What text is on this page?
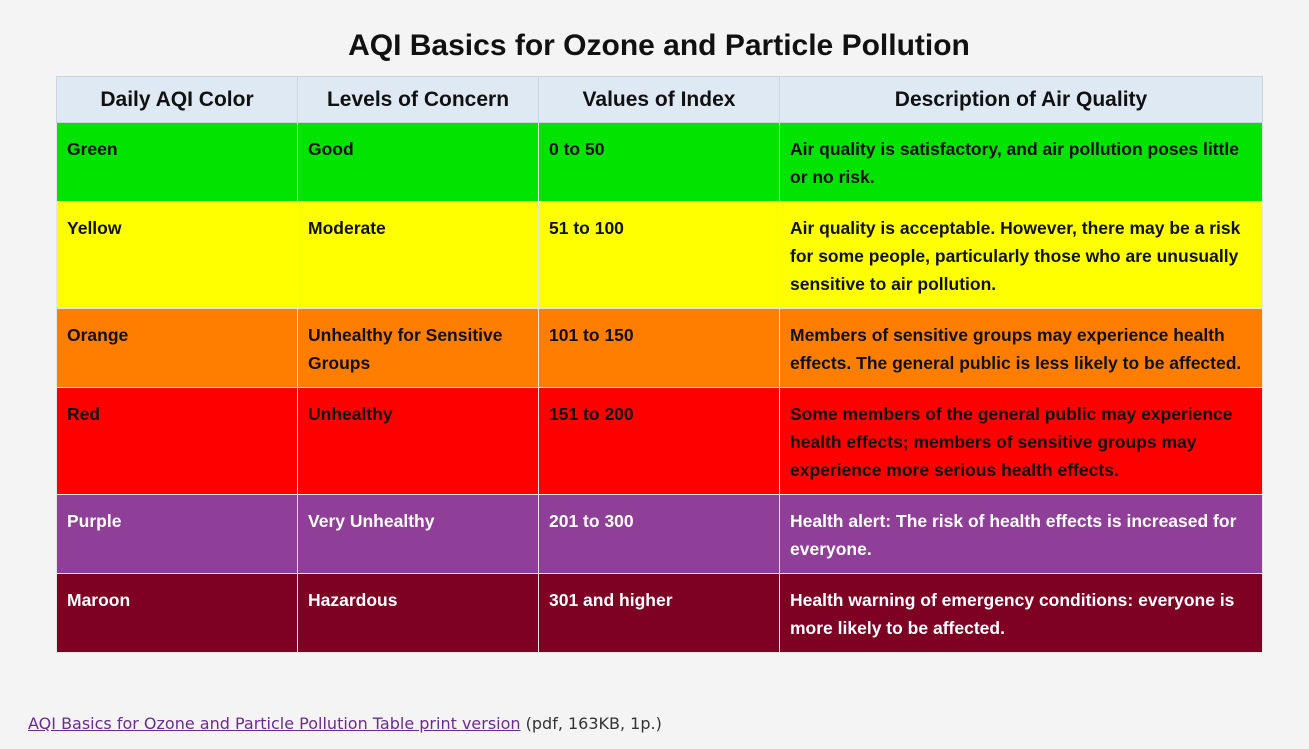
AQI Basics for Ozone and Particle Pollution
Daily AQI Color	Levels of Concern	Values of Index	Description of Air Quality
Green	Good	0 to 50	Air quality is satisfactory, and air pollution poses little or no risk.
Yellow	Moderate	51 to 100	Air quality is acceptable. However, there may be a risk for some people, particularly those who are unusually sensitive to air pollution.
Orange	Unhealthy for Sensitive Groups	101 to 150	Members of sensitive groups may experience health effects. The general public is less likely to be affected.
Red	Unhealthy	151 to 200	Some members of the general public may experience health effects; members of sensitive groups may experience more serious health effects.
Purple	Very Unhealthy	201 to 300	Health alert: The risk of health effects is increased for everyone.
Maroon	Hazardous	301 and higher	Health warning of emergency conditions: everyone is more likely to be affected.
AQI Basics for Ozone and Particle Pollution Table print version (pdf, 163KB, 1p.)
